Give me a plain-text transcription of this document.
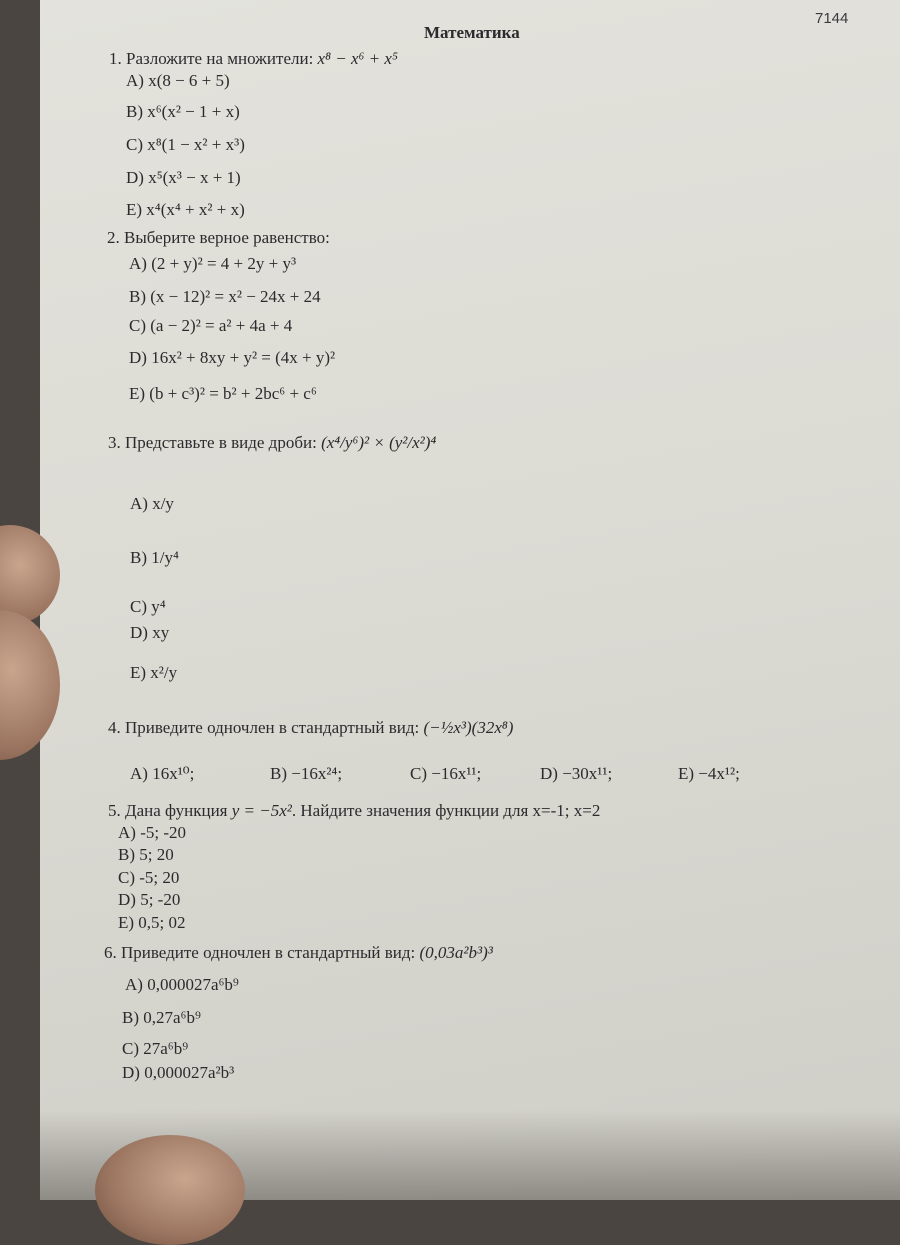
7144
Математика
1. Разложите на множители: x⁸ − x⁶ + x⁵
A) x(8 − 6 + 5)
B) x⁶(x² − 1 + x)
C) x⁸(1 − x² + x³)
D) x⁵(x³ − x + 1)
E) x⁴(x⁴ + x² + x)
2. Выберите верное равенство:
A) (2 + y)² = 4 + 2y + y³
B) (x − 12)² = x² − 24x + 24
C) (a − 2)² = a² + 4a + 4
D) 16x² + 8xy + y² = (4x + y)²
E) (b + c³)² = b² + 2bc⁶ + c⁶
3. Представьте в виде дроби: (x⁴/y⁶)² × (y²/x²)⁴
A) x/y
B) 1/y⁴
C) y⁴
D) xy
E) x²/y
4. Приведите одночлен в стандартный вид: (−½x³)(32x⁸)
A) 16x¹⁰;	B) −16x²⁴;	C) −16x¹¹;	D) −30x¹¹;	E) −4x¹²;
5. Дана функция y = −5x². Найдите значения функции для x=-1; x=2
A) -5; -20
B) 5; 20
C) -5; 20
D) 5; -20
E) 0,5; 02
6. Приведите одночлен в стандартный вид: (0,03a²b³)³
A) 0,000027a⁶b⁹
B) 0,27a⁶b⁹
C) 27a⁶b⁹
D) 0,000027a²b³
